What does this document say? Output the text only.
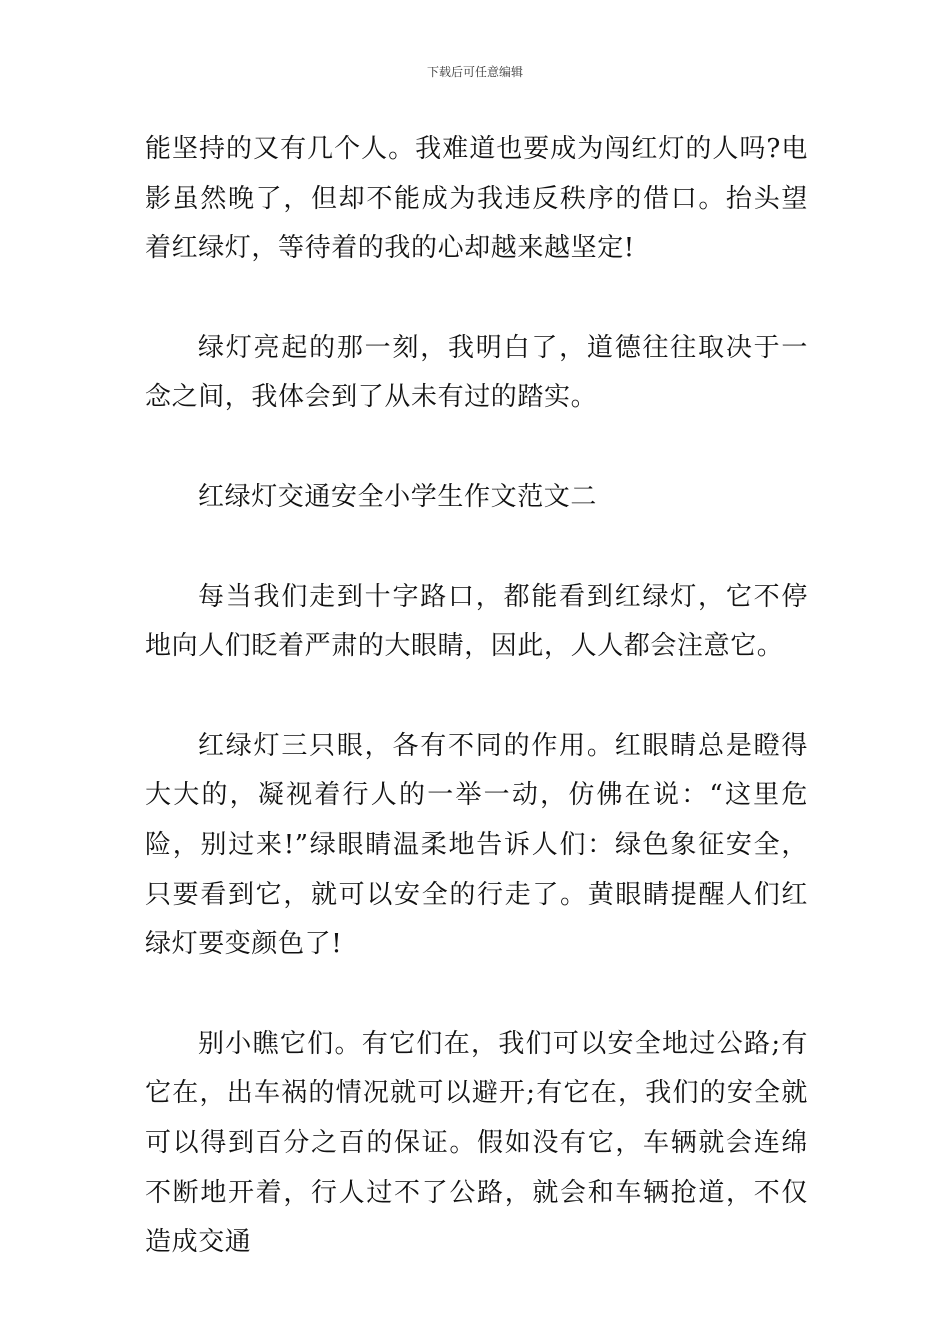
下载后可任意编辑

能坚持的又有几个人。我难道也要成为闯红灯的人吗?电影虽然晚了，但却不能成为我违反秩序的借口。抬头望着红绿灯，等待着的我的心却越来越坚定!

绿灯亮起的那一刻，我明白了，道德往往取决于一念之间，我体会到了从未有过的踏实。

红绿灯交通安全小学生作文范文二

每当我们走到十字路口，都能看到红绿灯，它不停地向人们眨着严肃的大眼睛，因此，人人都会注意它。

红绿灯三只眼，各有不同的作用。红眼睛总是瞪得大大的，凝视着行人的一举一动，仿佛在说：“这里危险，别过来!”绿眼睛温柔地告诉人们：绿色象征安全，只要看到它，就可以安全的行走了。黄眼睛提醒人们红绿灯要变颜色了!

别小瞧它们。有它们在，我们可以安全地过公路;有它在，出车祸的情况就可以避开;有它在，我们的安全就可以得到百分之百的保证。假如没有它，车辆就会连绵不断地开着，行人过不了公路，就会和车辆抢道，不仅造成交通
